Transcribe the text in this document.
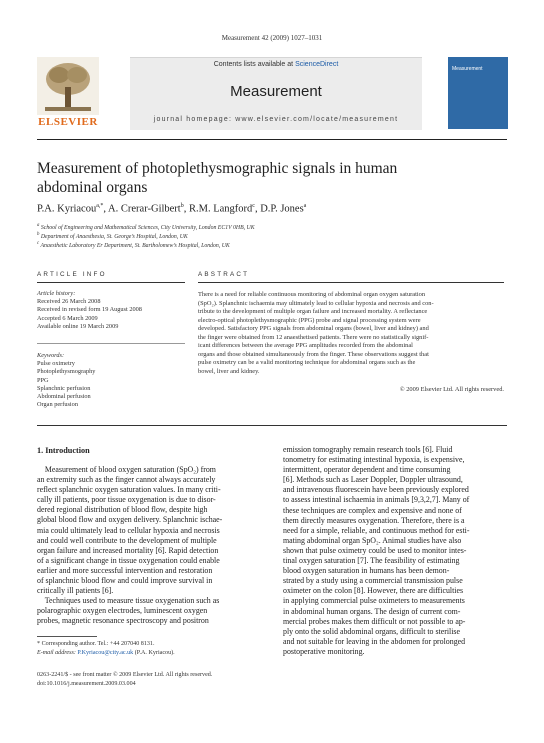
Measurement 42 (2009) 1027–1031
ELSEVIER
Contents lists available at ScienceDirect
Measurement
journal homepage: www.elsevier.com/locate/measurement
Measurement
Measurement of photoplethysmographic signals in human abdominal organs
P.A. Kyriacou$^{a,*}$, A. Crerar-Gilbert$^b$, R.M. Langford$^c$, D.P. Jones$^a$
$^a$ School of Engineering and Mathematical Sciences, City University, London EC1V 0HB, UK
$^b$ Department of Anaesthesia, St. George’s Hospital, London, UK
$^c$ Anaesthetic Laboratory Er Department, St. Bartholomew’s Hospital, London, UK
ARTICLE INFO
Article history:
Received 26 March 2008
Received in revised form 19 August 2008
Accepted 6 March 2009
Available online 19 March 2009
Keywords:
Pulse oximetry
Photoplethysmography
PPG
Splanchnic perfusion
Abdominal perfusion
Organ perfusion
ABSTRACT
There is a need for reliable continuous monitoring of abdominal organ oxygen saturation
(SpO₂). Splanchnic ischaemia may ultimately lead to cellular hypoxia and necrosis and con-
tribute to the development of multiple organ failure and increased mortality. A reflectance
electro-optical photoplethysmographic (PPG) probe and signal processing system were
developed. Satisfactory PPG signals from abdominal organs (bowel, liver and kidney) and
the finger were obtained from 12 anaesthetised patients. There were no statistically signif-
icant differences between the average PPG amplitudes recorded from the abdominal
organs and those obtained simultaneously from the finger. These observations suggest that
pulse oximetry can be a valid monitoring technique for abdominal organs such as the
bowel, liver and kidney.
© 2009 Elsevier Ltd. All rights reserved.
1. Introduction
Measurement of blood oxygen saturation (SpO₂) from
an extremity such as the finger cannot always accurately
reflect splanchnic oxygen saturation values. In many criti-
cally ill patients, poor tissue oxygenation is due to disor-
dered regional distribution of blood flow, despite high
global blood flow and oxygen delivery. Splanchnic ischae-
mia could ultimately lead to cellular hypoxia and necrosis
and could well contribute to the development of multiple
organ failure and increased mortality [6]. Rapid detection
of a significant change in tissue oxygenation could enable
earlier and more successful intervention and restoration
of splanchnic blood flow and could improve survival in
critically ill patients [6].
Techniques used to measure tissue oxygenation such as
polarographic oxygen electrodes, luminescent oxygen
probes, magnetic resonance spectroscopy and positron
emission tomography remain research tools [6]. Fluid
tonometry for estimating intestinal hypoxia, is expensive,
intermittent, operator dependent and time consuming
[6]. Methods such as Laser Doppler, Doppler ultrasound,
and intravenous fluorescein have been previously explored
to assess intestinal ischaemia in animals [9,3,2,7]. Many of
these techniques are complex and expensive and none of
them directly measures oxygenation. Therefore, there is a
need for a simple, reliable, and continuous method for esti-
mating abdominal organ SpO₂. Animal studies have also
shown that pulse oximetry could be used to monitor intes-
tinal oxygen saturation [7]. The feasibility of estimating
blood oxygen saturation in humans has been demon-
strated by a study using a commercial transmission pulse
oximeter on the colon [8]. However, there are difficulties
in applying commercial pulse oximeters to measurements
in abdominal human organs. The design of current com-
mercial probes makes them difficult or not possible to ap-
ply onto the solid abdominal organs, difficult to sterilise
and not suitable for leaving in the abdomen for prolonged
postoperative monitoring.
* Corresponding author. Tel.: +44 207040 8131.
E-mail address: P.Kyriacou@city.ac.uk (P.A. Kyriacou).
0263-2241/$ - see front matter © 2009 Elsevier Ltd. All rights reserved.
doi:10.1016/j.measurement.2009.03.004
